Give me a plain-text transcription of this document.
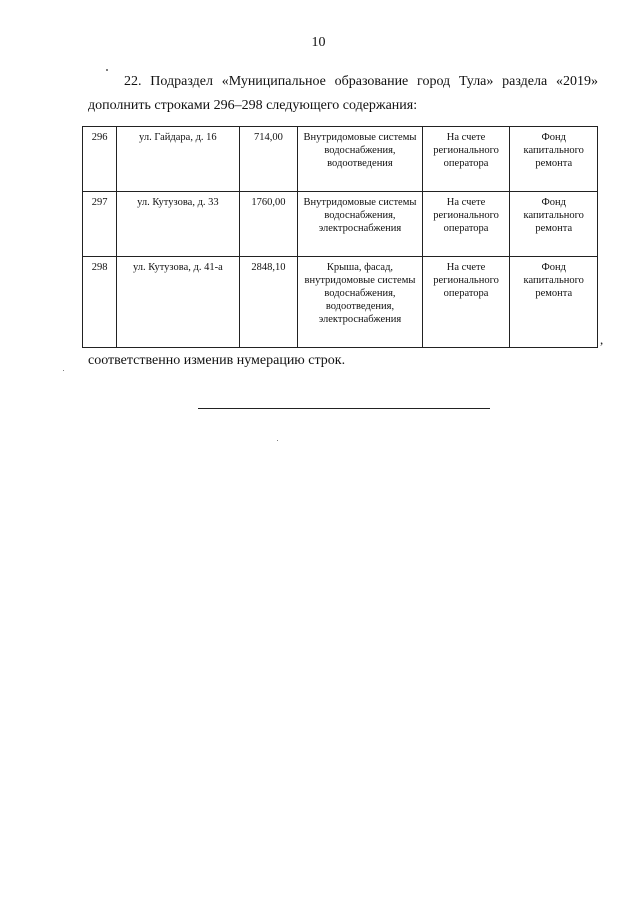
10
22. Подраздел «Муниципальное образование город Тула» раздела «2019» дополнить строками 296–298 следующего содержания:
296	ул. Гайдара, д. 16	714,00	Внутридомовые системы водоснабжения, водоотведения	На счете регионального оператора	Фонд капитального ремонта
297	ул. Кутузова, д. 33	1760,00	Внутридомовые системы водоснабжения, электроснабжения	На счете регионального оператора	Фонд капитального ремонта
298	ул. Кутузова, д. 41-а	2848,10	Крыша, фасад, внутридомовые системы водоснабжения, водоотведения, электроснабжения	На счете регионального оператора	Фонд капитального ремонта
,
соответственно изменив нумерацию строк.
